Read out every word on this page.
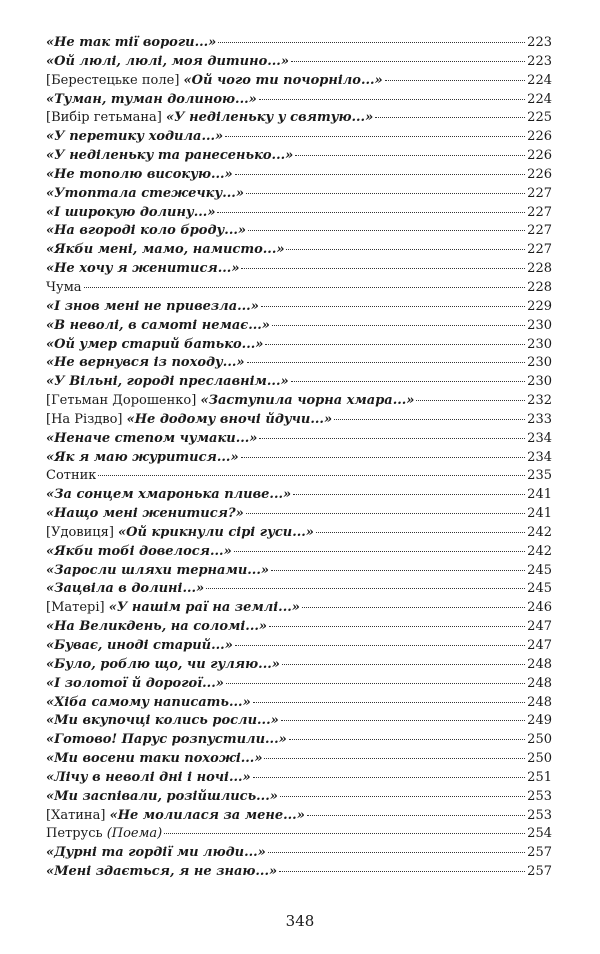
«Не так тії вороги...»	223
«Ой люлі, люлі, моя дитино...»	223
[Берестецьке поле] «Ой чого ти почорніло...»	224
«Туман, туман долиною...»	224
[Вибір гетьмана] «У неділеньку у святую...»	225
«У перетику ходила...»	226
«У неділеньку та ранесенько...»	226
«Не тополю високую...»	226
«Утоптала стежечку...»	227
«І широкую долину...»	227
«На вгороді коло броду...»	227
«Якби мені, мамо, намисто...»	227
«Не хочу я женитися...»	228
Чума	228
«І знов мені не привезла...»	229
«В неволі, в самоті немає...»	230
«Ой умер старий батько...»	230
«Не вернувся із походу...»	230
«У Вільні, городі преславнім...»	230
[Гетьман Дорошенко] «Заступила чорна хмара...»	232
[На Різдво] «Не додому вночі йдучи...»	233
«Неначе степом чумаки...»	234
«Як я маю журитися...»	234
Сотник	235
«За сонцем хмаронька пливе...»	241
«Нащо мені женитися?»	241
[Удовиця] «Ой крикнули сірі гуси...»	242
«Якби тобі довелося...»	242
«Заросли шляхи тернами...»	245
«Зацвіла в долині...»	245
[Матері] «У нашім раї на землі...»	246
«На Великдень, на соломі...»	247
«Буває, иноді старий...»	247
«Було, роблю що, чи гуляю...»	248
«І золотої й дорогої...»	248
«Хіба самому написать...»	248
«Ми вкупочці колись росли...»	249
«Готово! Парус розпустили...»	250
«Ми восени таки похожі...»	250
«Лічу в неволі дні і ночі...»	251
«Ми заспівали, розійшлись...»	253
[Хатина] «Не молилася за мене...»	253
Петрусь (Поема)	254
«Дурні та гордії ми люди...»	257
«Мені здається, я не знаю...»	257
348
